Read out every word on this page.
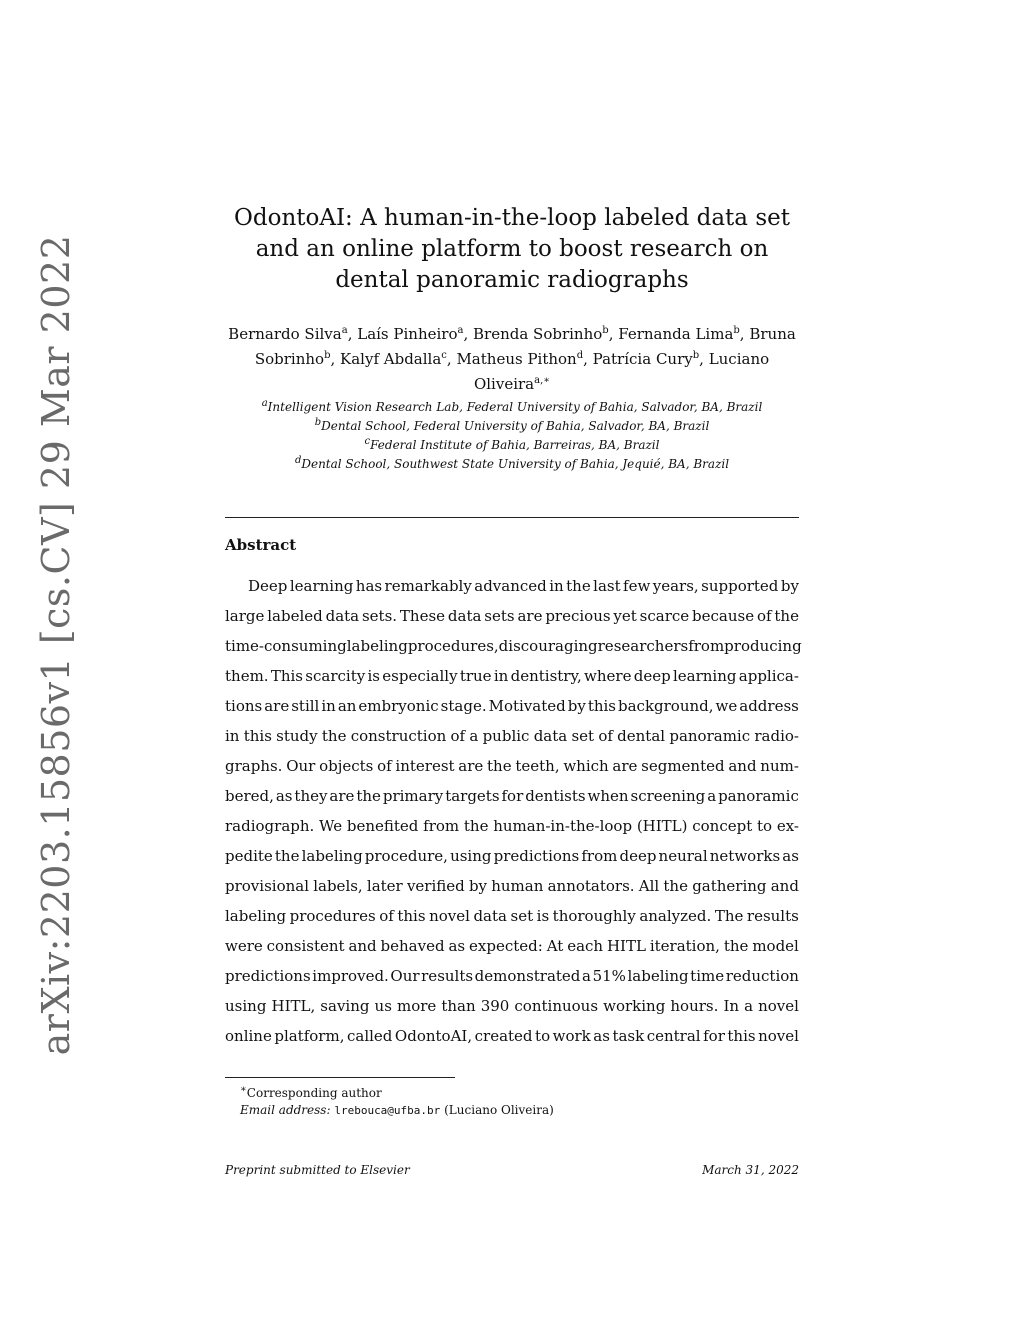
arXiv:2203.15856v1 [cs.CV] 29 Mar 2022
OdontoAI: A human-in-the-loop labeled data set and an online platform to boost research on dental panoramic radiographs
Bernardo Silva$^a$, Laís Pinheiro$^a$, Brenda Sobrinho$^b$, Fernanda Lima$^b$, Bruna Sobrinho$^b$, Kalyf Abdalla$^c$, Matheus Pithon$^d$, Patrícia Cury$^b$, Luciano Oliveira$^{a,∗}$
$^a$Intelligent Vision Research Lab, Federal University of Bahia, Salvador, BA, Brazil
$^b$Dental School, Federal University of Bahia, Salvador, BA, Brazil
$^c$Federal Institute of Bahia, Barreiras, BA, Brazil
$^d$Dental School, Southwest State University of Bahia, Jequié, BA, Brazil
Abstract
Deep learning has remarkably advanced in the last few years, supported by
large labeled data sets. These data sets are precious yet scarce because of the
time-consuming labeling procedures, discouraging researchers from producing
them. This scarcity is especially true in dentistry, where deep learning applica-
tions are still in an embryonic stage. Motivated by this background, we address
in this study the construction of a public data set of dental panoramic radio-
graphs. Our objects of interest are the teeth, which are segmented and num-
bered, as they are the primary targets for dentists when screening a panoramic
radiograph. We benefited from the human-in-the-loop (HITL) concept to ex-
pedite the labeling procedure, using predictions from deep neural networks as
provisional labels, later verified by human annotators. All the gathering and
labeling procedures of this novel data set is thoroughly analyzed. The results
were consistent and behaved as expected: At each HITL iteration, the model
predictions improved. Our results demonstrated a 51% labeling time reduction
using HITL, saving us more than 390 continuous working hours. In a novel
online platform, called OdontoAI, created to work as task central for this novel
∗Corresponding author
Email address: lrebouca@ufba.br (Luciano Oliveira)
Preprint submitted to Elsevier	March 31, 2022
